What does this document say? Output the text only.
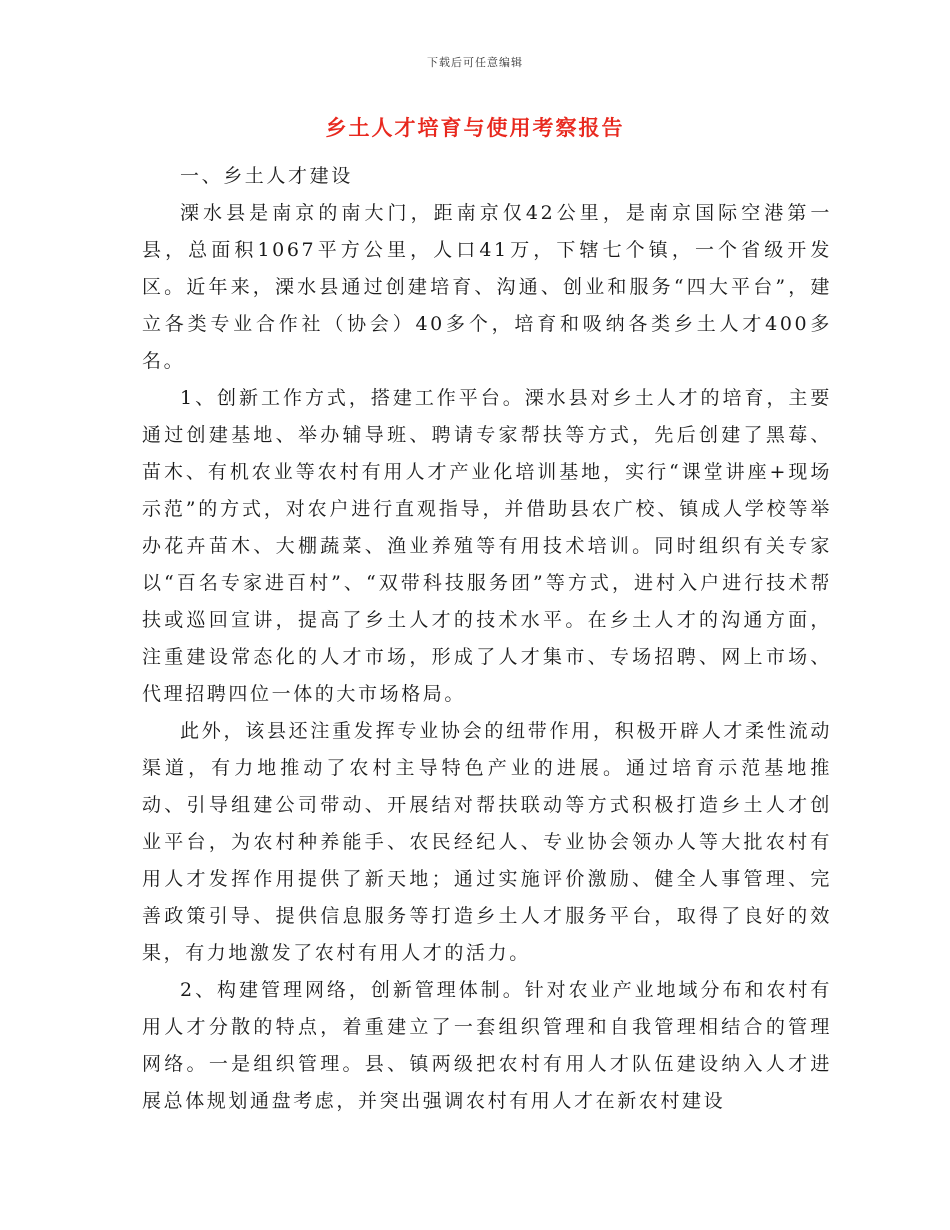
下载后可任意编辑
乡土人才培育与使用考察报告

一、乡土人才建设

溧水县是南京的南大门，距南京仅42公里，是南京国际空港第一县，总面积1067平方公里，人口41万，下辖七个镇，一个省级开发区。近年来，溧水县通过创建培育、沟通、创业和服务“四大平台”，建立各类专业合作社（协会）40多个，培育和吸纳各类乡土人才400多名。

1、创新工作方式，搭建工作平台。溧水县对乡土人才的培育，主要通过创建基地、举办辅导班、聘请专家帮扶等方式，先后创建了黑莓、苗木、有机农业等农村有用人才产业化培训基地，实行“课堂讲座+现场示范”的方式，对农户进行直观指导，并借助县农广校、镇成人学校等举办花卉苗木、大棚蔬菜、渔业养殖等有用技术培训。同时组织有关专家以“百名专家进百村”、“双带科技服务团”等方式，进村入户进行技术帮扶或巡回宣讲，提高了乡土人才的技术水平。在乡土人才的沟通方面，注重建设常态化的人才市场，形成了人才集市、专场招聘、网上市场、代理招聘四位一体的大市场格局。

此外，该县还注重发挥专业协会的纽带作用，积极开辟人才柔性流动渠道，有力地推动了农村主导特色产业的进展。通过培育示范基地推动、引导组建公司带动、开展结对帮扶联动等方式积极打造乡土人才创业平台，为农村种养能手、农民经纪人、专业协会领办人等大批农村有用人才发挥作用提供了新天地；通过实施评价激励、健全人事管理、完善政策引导、提供信息服务等打造乡土人才服务平台，取得了良好的效果，有力地激发了农村有用人才的活力。

2、构建管理网络，创新管理体制。针对农业产业地域分布和农村有用人才分散的特点，着重建立了一套组织管理和自我管理相结合的管理网络。一是组织管理。县、镇两级把农村有用人才队伍建设纳入人才进展总体规划通盘考虑，并突出强调农村有用人才在新农村建设
